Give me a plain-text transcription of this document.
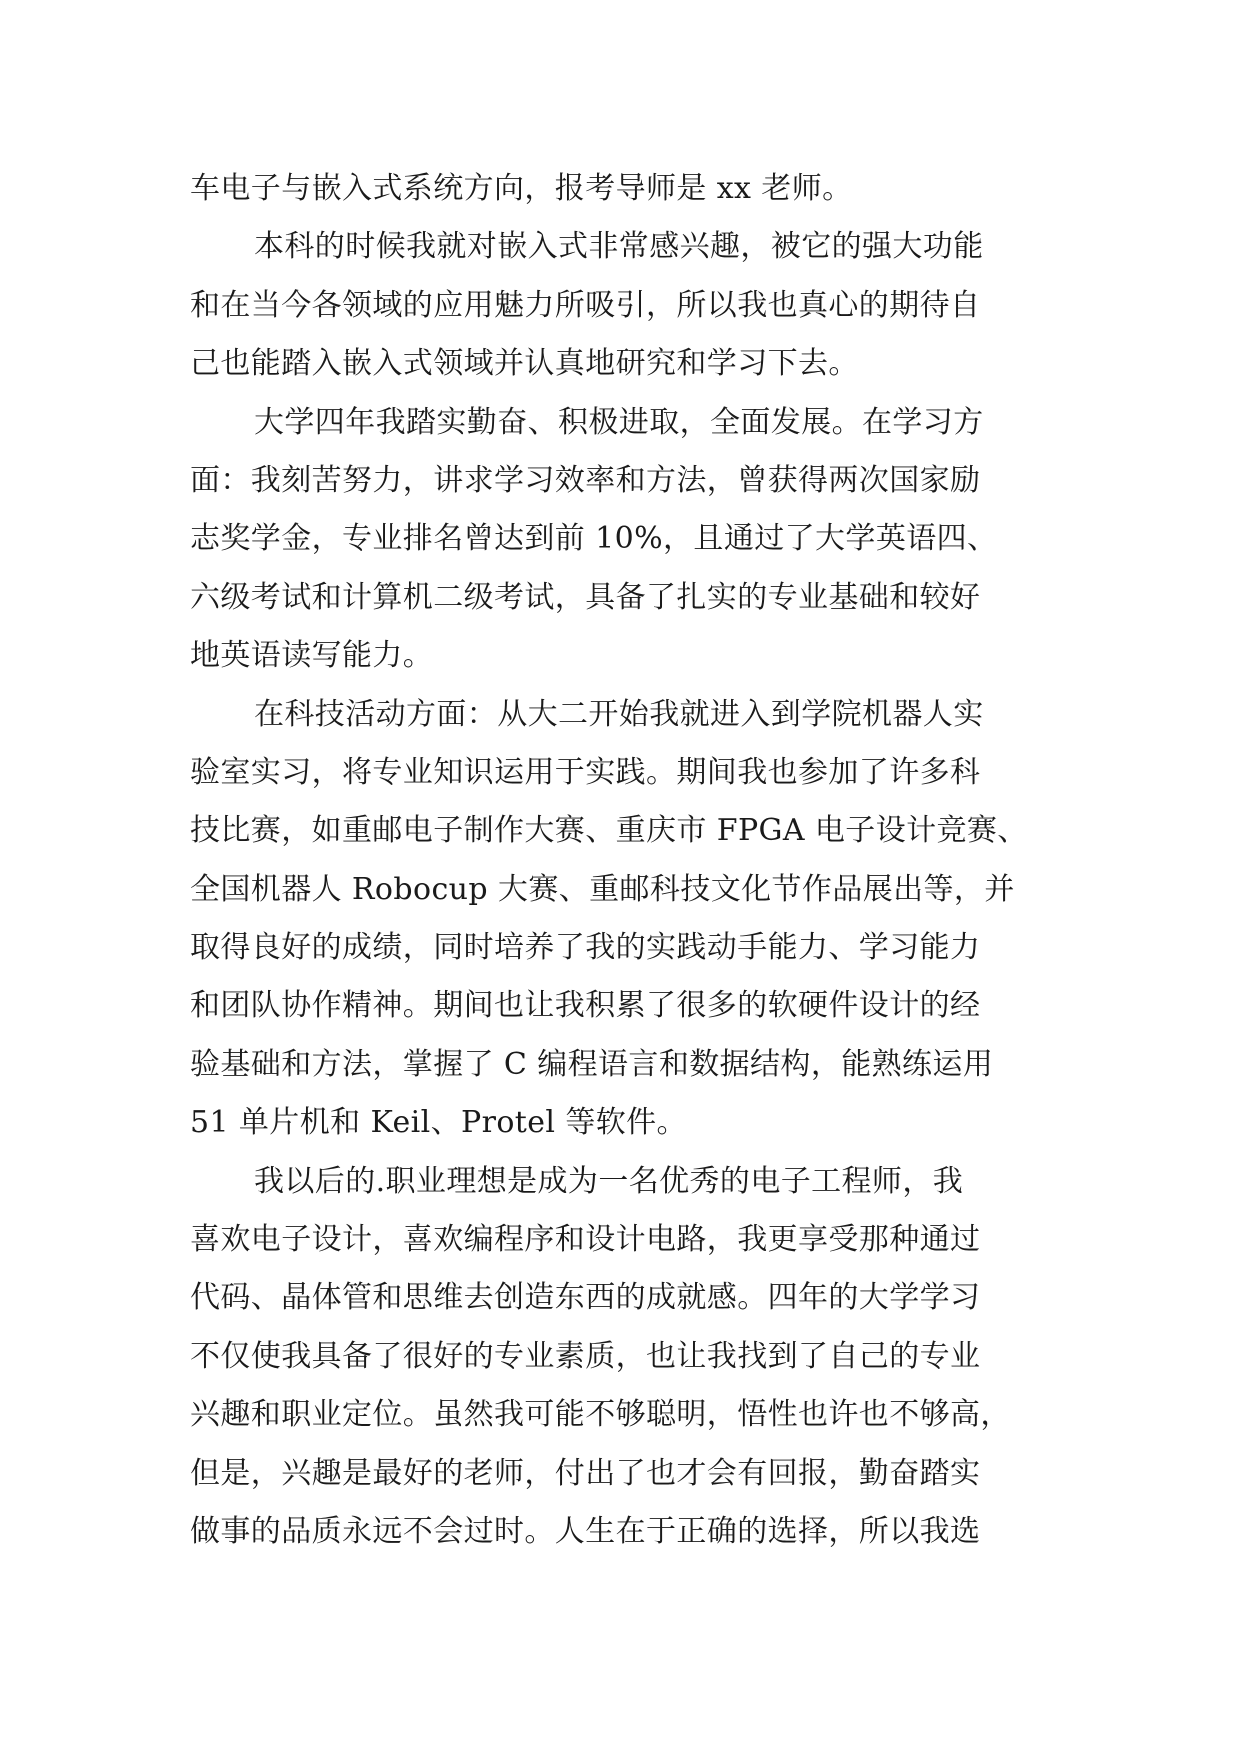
车电子与嵌入式系统方向，报考导师是 xx 老师。
本科的时候我就对嵌入式非常感兴趣，被它的强大功能
和在当今各领域的应用魅力所吸引，所以我也真心的期待自
己也能踏入嵌入式领域并认真地研究和学习下去。
大学四年我踏实勤奋、积极进取，全面发展。在学习方
面：我刻苦努力，讲求学习效率和方法，曾获得两次国家励
志奖学金，专业排名曾达到前 10%，且通过了大学英语四、
六级考试和计算机二级考试，具备了扎实的专业基础和较好
地英语读写能力。
在科技活动方面：从大二开始我就进入到学院机器人实
验室实习，将专业知识运用于实践。期间我也参加了许多科
技比赛，如重邮电子制作大赛、重庆市 FPGA 电子设计竞赛、
全国机器人 Robocup 大赛、重邮科技文化节作品展出等，并
取得良好的成绩，同时培养了我的实践动手能力、学习能力
和团队协作精神。期间也让我积累了很多的软硬件设计的经
验基础和方法，掌握了 C 编程语言和数据结构，能熟练运用
51 单片机和 Keil、Protel 等软件。
我以后的.职业理想是成为一名优秀的电子工程师，我
喜欢电子设计，喜欢编程序和设计电路，我更享受那种通过
代码、晶体管和思维去创造东西的成就感。四年的大学学习
不仅使我具备了很好的专业素质，也让我找到了自己的专业
兴趣和职业定位。虽然我可能不够聪明，悟性也许也不够高，
但是，兴趣是最好的老师，付出了也才会有回报，勤奋踏实
做事的品质永远不会过时。人生在于正确的选择，所以我选
